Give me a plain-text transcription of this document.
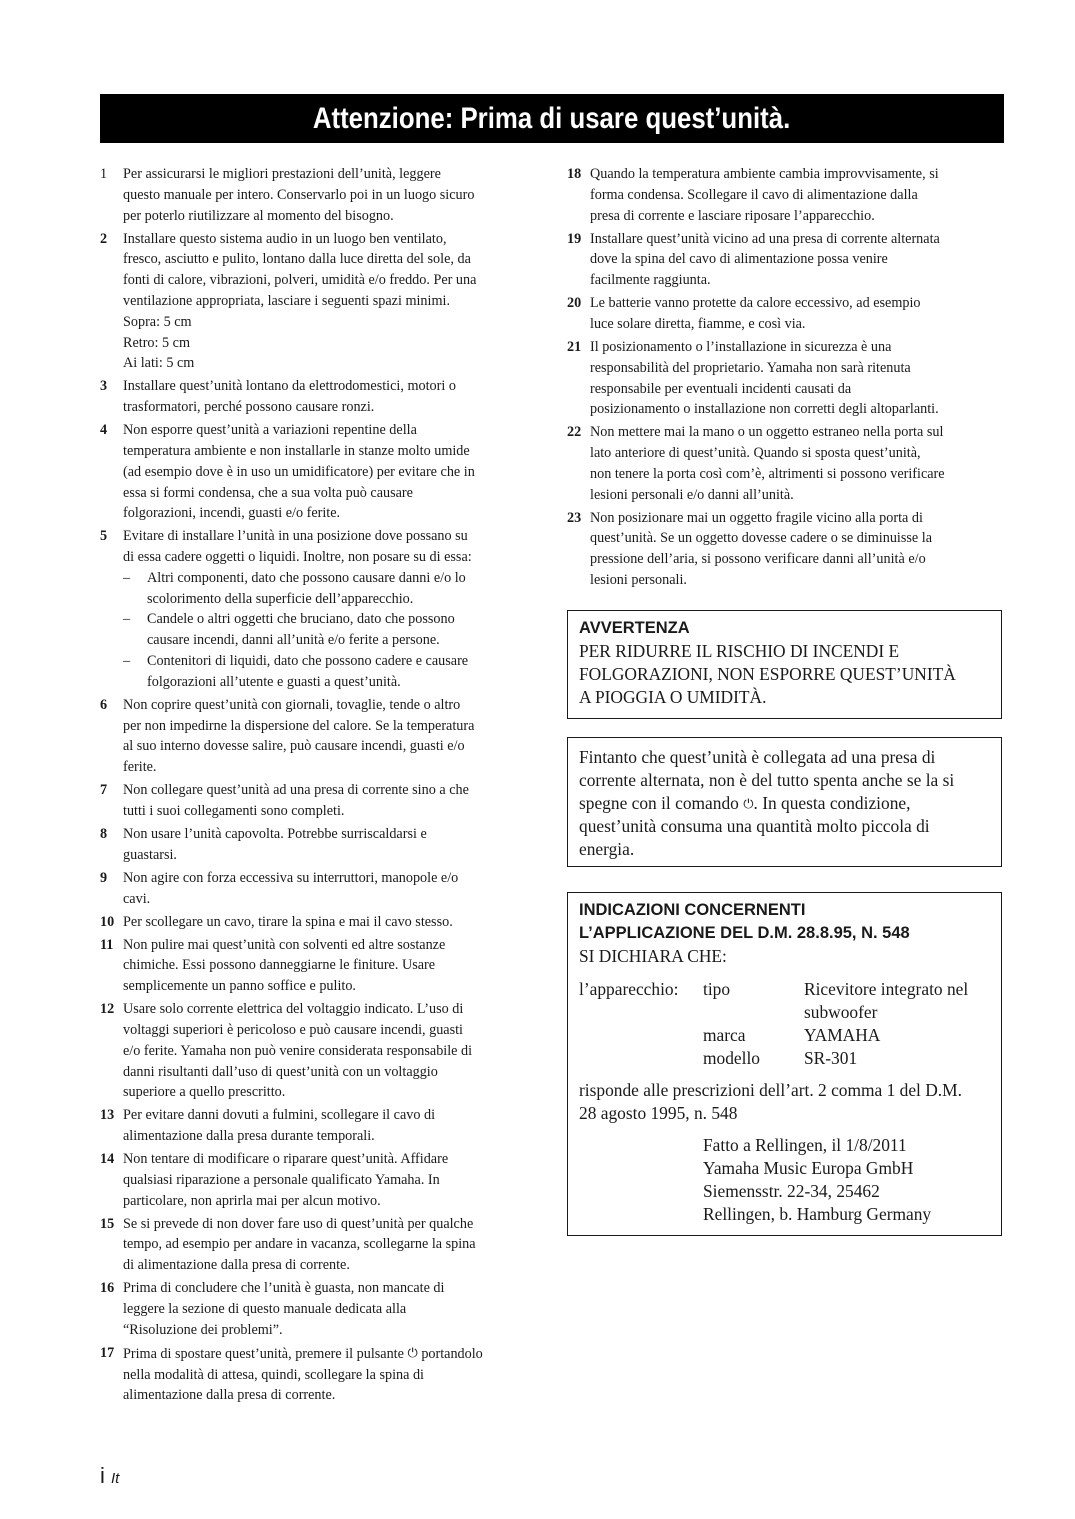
Attenzione: Prima di usare quest’unità.
1 Per assicurarsi le migliori prestazioni dell’unità, leggere
questo manuale per intero. Conservarlo poi in un luogo sicuro
per poterlo riutilizzare al momento del bisogno.
2 Installare questo sistema audio in un luogo ben ventilato,
fresco, asciutto e pulito, lontano dalla luce diretta del sole, da
fonti di calore, vibrazioni, polveri, umidità e/o freddo. Per una
ventilazione appropriata, lasciare i seguenti spazi minimi.
Sopra: 5 cm
Retro: 5 cm
Ai lati: 5 cm
3 Installare quest’unità lontano da elettrodomestici, motori o
trasformatori, perché possono causare ronzi.
4 Non esporre quest’unità a variazioni repentine della
temperatura ambiente e non installarle in stanze molto umide
(ad esempio dove è in uso un umidificatore) per evitare che in
essa si formi condensa, che a sua volta può causare
folgorazioni, incendi, guasti e/o ferite.
5 Evitare di installare l’unità in una posizione dove possano su
di essa cadere oggetti o liquidi. Inoltre, non posare su di essa:
– Altri componenti, dato che possono causare danni e/o lo
scolorimento della superficie dell’apparecchio.
– Candele o altri oggetti che bruciano, dato che possono
causare incendi, danni all’unità e/o ferite a persone.
– Contenitori di liquidi, dato che possono cadere e causare
folgorazioni all’utente e guasti a quest’unità.
6 Non coprire quest’unità con giornali, tovaglie, tende o altro
per non impedirne la dispersione del calore. Se la temperatura
al suo interno dovesse salire, può causare incendi, guasti e/o
ferite.
7 Non collegare quest’unità ad una presa di corrente sino a che
tutti i suoi collegamenti sono completi.
8 Non usare l’unità capovolta. Potrebbe surriscaldarsi e
guastarsi.
9 Non agire con forza eccessiva su interruttori, manopole e/o
cavi.
10 Per scollegare un cavo, tirare la spina e mai il cavo stesso.
11 Non pulire mai quest’unità con solventi ed altre sostanze
chimiche. Essi possono danneggiarne le finiture. Usare
semplicemente un panno soffice e pulito.
12 Usare solo corrente elettrica del voltaggio indicato. L’uso di
voltaggi superiori è pericoloso e può causare incendi, guasti
e/o ferite. Yamaha non può venire considerata responsabile di
danni risultanti dall’uso di quest’unità con un voltaggio
superiore a quello prescritto.
13 Per evitare danni dovuti a fulmini, scollegare il cavo di
alimentazione dalla presa durante temporali.
14 Non tentare di modificare o riparare quest’unità. Affidare
qualsiasi riparazione a personale qualificato Yamaha. In
particolare, non aprirla mai per alcun motivo.
15 Se si prevede di non dover fare uso di quest’unità per qualche
tempo, ad esempio per andare in vacanza, scollegarne la spina
di alimentazione dalla presa di corrente.
16 Prima di concludere che l’unità è guasta, non mancate di
leggere la sezione di questo manuale dedicata alla
“Risoluzione dei problemi”.
17 Prima di spostare quest’unità, premere il pulsante ⏻ portandolo
nella modalità di attesa, quindi, scollegare la spina di
alimentazione dalla presa di corrente.
18 Quando la temperatura ambiente cambia improvvisamente, si
forma condensa. Scollegare il cavo di alimentazione dalla
presa di corrente e lasciare riposare l’apparecchio.
19 Installare quest’unità vicino ad una presa di corrente alternata
dove la spina del cavo di alimentazione possa venire
facilmente raggiunta.
20 Le batterie vanno protette da calore eccessivo, ad esempio
luce solare diretta, fiamme, e così via.
21 Il posizionamento o l’installazione in sicurezza è una
responsabilità del proprietario. Yamaha non sarà ritenuta
responsabile per eventuali incidenti causati da
posizionamento o installazione non corretti degli altoparlanti.
22 Non mettere mai la mano o un oggetto estraneo nella porta sul
lato anteriore di quest’unità. Quando si sposta quest’unità,
non tenere la porta così com’è, altrimenti si possono verificare
lesioni personali e/o danni all’unità.
23 Non posizionare mai un oggetto fragile vicino alla porta di
quest’unità. Se un oggetto dovesse cadere o se diminuisse la
pressione dell’aria, si possono verificare danni all’unità e/o
lesioni personali.
AVVERTENZA
PER RIDURRE IL RISCHIO DI INCENDI E
FOLGORAZIONI, NON ESPORRE QUEST’UNITÀ
A PIOGGIA O UMIDITÀ.
Fintanto che quest’unità è collegata ad una presa di
corrente alternata, non è del tutto spenta anche se la si
spegne con il comando ⏻. In questa condizione,
quest’unità consuma una quantità molto piccola di
energia.
INDICAZIONI CONCERNENTI
L’APPLICAZIONE DEL D.M. 28.8.95, N. 548
SI DICHIARA CHE:
l’apparecchio:	tipo	Ricevitore integrato nel
subwoofer
marca	YAMAHA
modello	SR-301
risponde alle prescrizioni dell’art. 2 comma 1 del D.M.
28 agosto 1995, n. 548
Fatto a Rellingen, il 1/8/2011
Yamaha Music Europa GmbH
Siemensstr. 22-34, 25462
Rellingen, b. Hamburg Germany
i It
